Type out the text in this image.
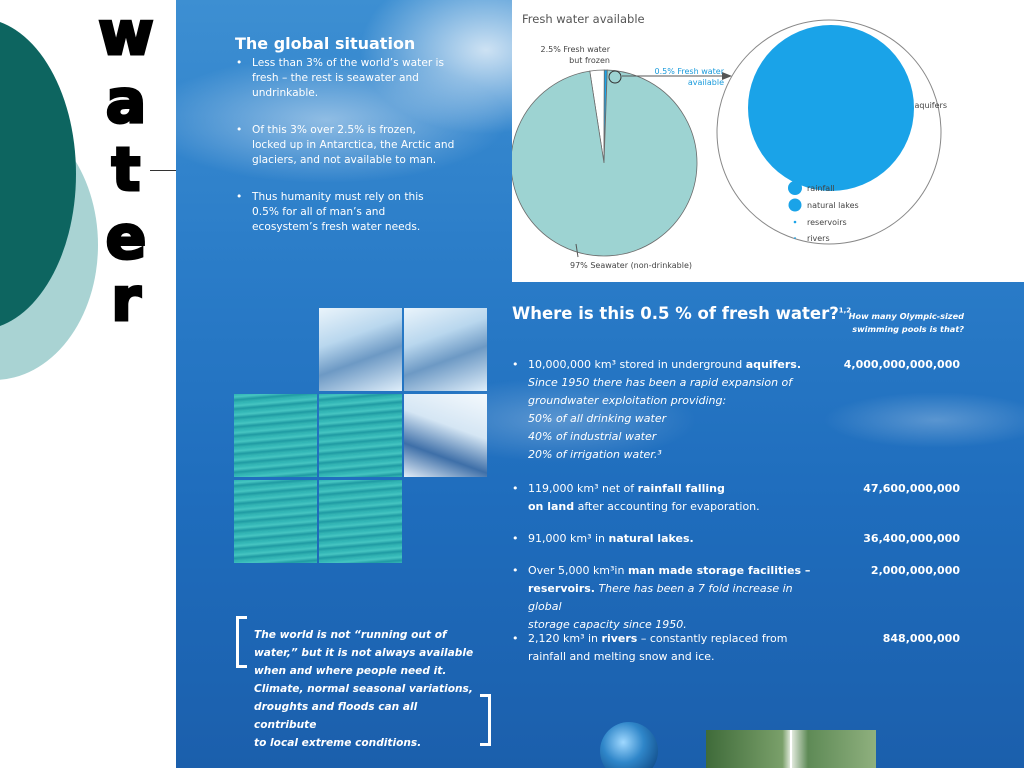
w
a
t
e
r
The global situation
• Less than 3% of the world’s water is
fresh – the rest is seawater and
undrinkable.
• Of this 3% over 2.5% is frozen,
locked up in Antarctica, the Arctic and
glaciers, and not available to man.
• Thus humanity must rely on this
0.5% for all of man’s and
ecosystem’s fresh water needs.
Fresh water available
2.5% Fresh water
but frozen
0.5% Fresh water
available
97% Seawater (non-drinkable)
aquifers
rainfall
natural lakes
reservoirs
rivers
The world is not “running out of
water,” but it is not always available
when and where people need it.
Climate, normal seasonal variations,
droughts and floods can all contribute
to local extreme conditions.
Where is this 0.5 % of fresh water?$^{1,2}$
How many Olympic-sized
swimming pools is that?
• 10,000,000 km³ stored in underground aquifers.
Since 1950 there has been a rapid expansion of
groundwater exploitation providing:
50% of all drinking water
40% of industrial water
20% of irrigation water.³
4,000,000,000,000
• 119,000 km³ net of rainfall falling
on land after accounting for evaporation.
47,600,000,000
• 91,000 km³ in natural lakes.	36,400,000,000
• Over 5,000 km³in man made storage facilities –
reservoirs. There has been a 7 fold increase in global
storage capacity since 1950.
2,000,000,000
• 2,120 km³ in rivers – constantly replaced from
rainfall and melting snow and ice.
848,000,000
